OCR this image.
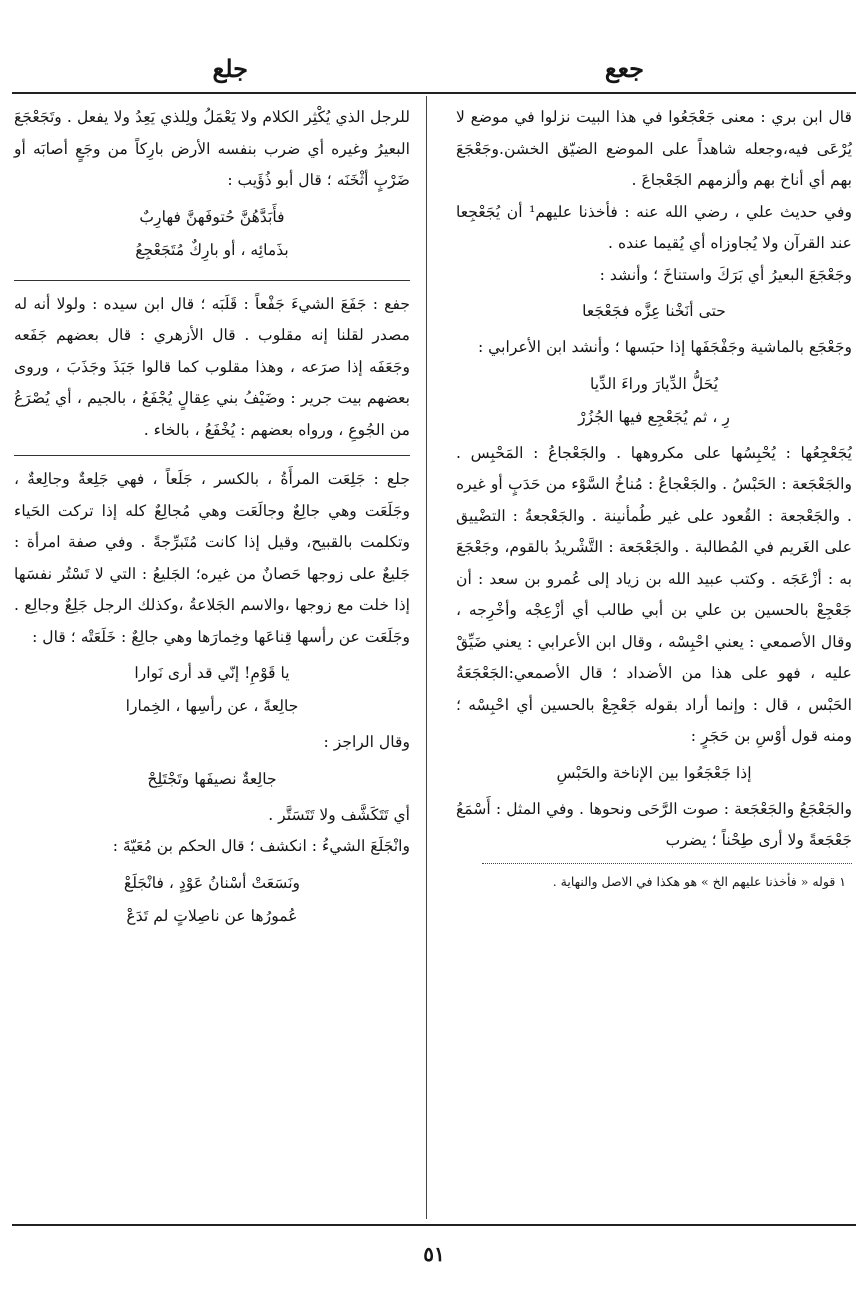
جعع
جلع

قال ابن بري : معنى جَعْجَعُوا في هذا البيت نزلوا في موضع لا يُرْعَى فيه،وجعله شاهداً على الموضع الضيّق الخشن.وجَعْجَعَ بهم أي أناخ بهم وألزمهم الجَعْجاعَ .

وفي حديث علي ، رضي الله عنه : فأخذنا عليهم¹ أن يُجَعْجِعا عند القرآن ولا يُجاوزاه أي يُقيما عنده .

وجَعْجَعَ البعيرُ أي بَرَكَ واستناخَ ؛ وأنشد :

حتى أنَخْنا عِزَّه فجَعْجَعا

وجَعْجَع بالماشية وجَفْجَفَها إذا حبَسها ؛ وأنشد ابن الأعرابي :

يُحَلُّ الدِّيارَ وراءَ الدِّيا
رِ ، ثم يُجَعْجِع فيها الجُزُرْ

يُجَعْجِعُها : يُحْبِسُها على مكروهها . والجَعْجاعُ : المَحْبِس . والجَعْجَعة : الحَبْسُ . والجَعْجاعُ : مُناخُ السَّوْء من حَدَبٍ أو غيره . والجَعْجعة : القُعود على غير طُمأنينة . والجَعْجعةُ : التضْييق على الغَريم في المُطالبة . والجَعْجَعة : التَّشْريدُ بالقوم، وجَعْجَعَ به : أزْعَجَه . وكتب عبيد الله بن زياد إلى عُمرو بن سعد : أن جَعْجِعْ بالحسين بن علي بن أبي طالب أي أزْعِجْه وأخْرِجه ، وقال الأصمعي : يعني احْبِسْه ، وقال ابن الأعرابي : يعني ضَيِّقْ عليه ، فهو على هذا من الأضداد ؛ قال الأصمعي:الجَعْجَعَةُ الحَبْس ، قال : وإنما أراد بقوله جَعْجِعْ بالحسين أي احْبِسْه ؛ ومنه قول أوْسِ بن حَجَرٍ :

إذا جَعْجَعُوا بين الإناخة والحَبْسِ

والجَعْجَعُ والجَعْجَعة : صوت الرَّحَى ونحوها . وفي المثل : أَسْمَعُ جَعْجَعةً ولا أرى طِحْناً ؛ يضرب

١ قوله « فأخذنا عليهم الخ » هو هكذا في الاصل والنهاية .

للرجل الذي يُكْثِر الكلام ولا يَعْمَلُ ولِلذي يَعِدُ ولا يفعل . وتَجَعْجَعَ البعيرُ وغيره أي ضرب بنفسه الأرض بارِكاً من وجَعٍ أصابَه أو ضَرْبٍ أثْخَنَه ؛ قال أبو ذُؤَيب :

فأَبَدَّهُنَّ حُتوفَهنَّ فهارِبٌ
بذَمائِه ، أو بارِكٌ مُتَجَعْجِعُ

جفع : جَفَعَ الشيءَ جَفْعاً : قَلَبَه ؛ قال ابن سيده : ولولا أنه له مصدر لقلنا إنه مقلوب . قال الأزهري : قال بعضهم جَفَعه وجَعَفَه إذا صرَعه ، وهذا مقلوب كما قالوا جَبَذَ وجَذَبَ ، وروى بعضهم بيت جرير : وضَيْفُ بني عِقالٍ يُجْفَعُ ، بالجيم ، أي يُصْرَعُ من الجُوعِ ، ورواه بعضهم : يُخْفَعُ ، بالخاء .

جلع : جَلِعَت المرأَةُ ، بالكسر ، جَلَعاً ، فهي جَلِعةٌ وجالِعةٌ ، وجَلَعَت وهي جالِعٌ وجالَعَت وهي مُجالِعٌ كله إذا تركت الحَياء وتكلمت بالقبيح، وقيل إذا كانت مُتَبرِّجةً . وفي صفة امرأة : جَليعٌ على زوجها حَصانٌ من غيره؛ الجَليعُ : التي لا تَسْتُر نفسَها إذا خلت مع زوجها ،والاسم الجَلاعةُ ،وكذلك الرجل جَلِعٌ وجالِع . وجَلَعَت عن رأسها قِناعَها وخِمارَها وهي جالِعٌ : خَلَعَتْه ؛ قال :

يا قَوْمِ! إنّي قد أرى نَوارا
جالِعةً ، عن رأسِها ، الخِمارا

وقال الراجز :

جالِعةٌ نصيفَها وتَجْتَلِحْ

أي تَتَكَشَّف ولا تَتَسَتَّر .

وانْجَلَعَ الشيءُ : انكشف ؛ قال الحكم بن مُعَيّةَ :

ونَسَعَتْ أسْنانُ عَوْدٍ ، فانْجَلَعْ
عُمورُها عن ناصِلاتٍ لم تَدَعْ
٥١
